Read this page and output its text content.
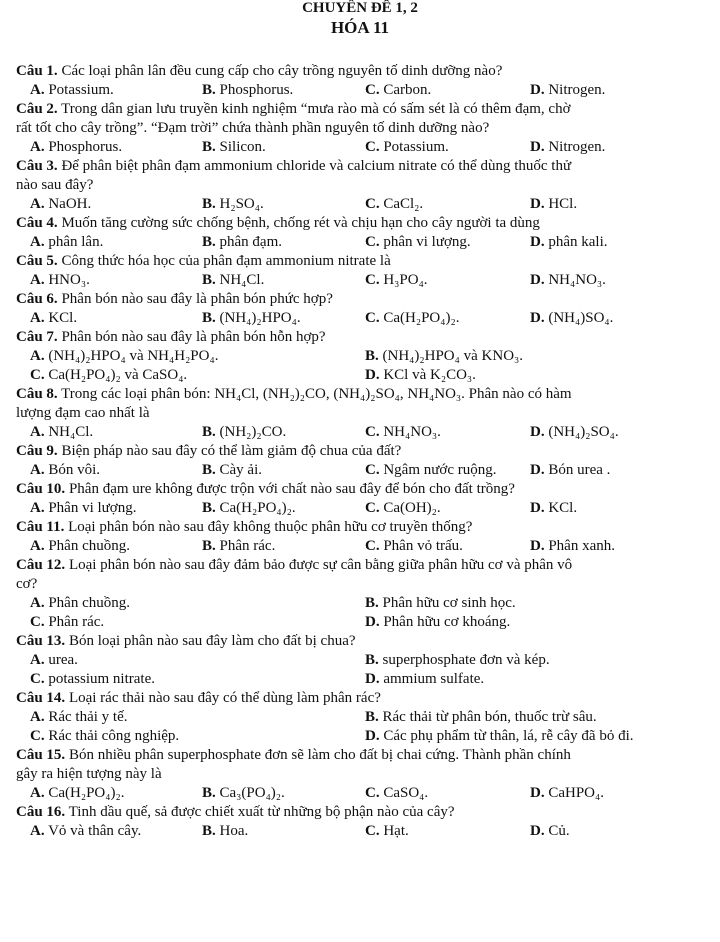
CHUYÊN ĐỀ 1, 2
HÓA 11
Câu 1. Các loại phân lân đều cung cấp cho cây trồng nguyên tố dinh dưỡng nào?
A. Potassium.	B. Phosphorus.	C. Carbon.	D. Nitrogen.
Câu 2. Trong dân gian lưu truyền kinh nghiệm “mưa rào mà có sấm sét là có thêm đạm, chờ
rất tốt cho cây trồng”. “Đạm trời” chứa thành phần nguyên tố dinh dưỡng nào?
A. Phosphorus.	B. Silicon.	C. Potassium.	D. Nitrogen.
Câu 3. Để phân biệt phân đạm ammonium chloride và calcium nitrate có thể dùng thuốc thử
nào sau đây?
A. NaOH.	B. H₂SO₄.	C. CaCl₂.	D. HCl.
Câu 4. Muốn tăng cường sức chống bệnh, chống rét và chịu hạn cho cây người ta dùng
A. phân lân.	B. phân đạm.	C. phân vi lượng.	D. phân kali.
Câu 5. Công thức hóa học của phân đạm ammonium nitrate là
A. HNO₃.	B. NH₄Cl.	C. H₃PO₄.	D. NH₄NO₃.
Câu 6. Phân bón nào sau đây là phân bón phức hợp?
A. KCl.	B. (NH₄)₂HPO₄.	C. Ca(H₂PO₄)₂.	D. (NH₄)SO₄.
Câu 7. Phân bón nào sau đây là phân bón hỗn hợp?
A. (NH₄)₂HPO₄ và NH₄H₂PO₄.	B. (NH₄)₂HPO₄ và KNO₃.
C. Ca(H₂PO₄)₂ và CaSO₄.	D. KCl và K₂CO₃.
Câu 8. Trong các loại phân bón: NH₄Cl, (NH₂)₂CO, (NH₄)₂SO₄, NH₄NO₃. Phân nào có hàm
lượng đạm cao nhất là
A. NH₄Cl.	B. (NH₂)₂CO.	C. NH₄NO₃.	D. (NH₄)₂SO₄.
Câu 9. Biện pháp nào sau đây có thể làm giảm độ chua của đất?
A. Bón vôi.	B. Cày ải.	C. Ngâm nước ruộng. D. Bón urea .
Câu 10. Phân đạm ure không được trộn với chất nào sau đây để bón cho đất trồng?
A. Phân vi lượng.	B. Ca(H₂PO₄)₂.	C. Ca(OH)₂.	D. KCl.
Câu 11. Loại phân bón nào sau đây không thuộc phân hữu cơ truyền thống?
A. Phân chuồng.	B. Phân rác.	C. Phân vỏ trấu.	D. Phân xanh.
Câu 12. Loại phân bón nào sau đây đảm bảo được sự cân bằng giữa phân hữu cơ và phân vô
cơ?
A. Phân chuồng.	B. Phân hữu cơ sinh học.
C. Phân rác.	D. Phân hữu cơ khoáng.
Câu 13. Bón loại phân nào sau đây làm cho đất bị chua?
A. urea.	B. superphosphate đơn và kép.
C. potassium nitrate.	D. ammium sulfate.
Câu 14. Loại rác thải nào sau đây có thể dùng làm phân rác?
A. Rác thải y tế.	B. Rác thải từ phân bón, thuốc trừ sâu.
C. Rác thải công nghiệp.	D. Các phụ phẩm từ thân, lá, rễ cây đã bỏ đi.
Câu 15. Bón nhiều phân superphosphate đơn sẽ làm cho đất bị chai cứng. Thành phần chính
gây ra hiện tượng này là
A. Ca(H₂PO₄)₂.	B. Ca₃(PO₄)₂.	C. CaSO₄.	D. CaHPO₄.
Câu 16. Tinh dầu quế, sả được chiết xuất từ những bộ phận nào của cây?
A. Vỏ và thân cây.	B. Hoa.	C. Hạt.	D. Củ.
